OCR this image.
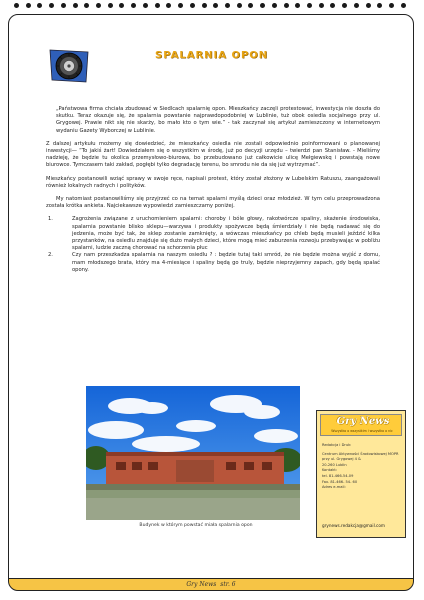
SPALARNIA OPON

„Państwowa firma chciała zbudować w Siedlcach spalarnię opon. Mieszkańcy zaczęli protestować, inwestycja nie doszła do skutku. Teraz okazuje się, że spalarnia powstanie najprawdopodobniej w Lublinie, tuż obok osiedla socjalnego przy ul. Grygowej. Prawie nikt się nie skarży, bo mało kto o tym wie.” - tak zaczynał się artykuł zamieszczony w internetowym wydaniu Gazety Wyborczej w Lublinie.

Z dalszej artykułu możemy się dowiedzieć, że mieszkańcy osiedla nie zostali odpowiednio poinformowani o planowanej inwestycji— “To jakiś żart! Dowiedziałem się o wszystkim w środę, już po decyzji urzędu – twierdzi pan Stanisław. - Mieliśmy nadzieję, że będzie tu okolica przemysłowo-biurowa, bo przebudowano już całkowicie ulicę Mełgiewskq i powstają nowe biurowce. Tymczasem taki zakład, pogłębi tylko degradację terenu, bo smrodu nie da się już wytrzymać”.

Mieszkańcy postanowili wziąć sprawy w swoje ręce, napisali protest, który został złożony w Lubelskim Ratuszu, zaangażowali również lokalnych radnych i polityków.

My natomiast postanowiliśmy się przyjrzeć co na temat spalarni myślą dzieci oraz młodzież. W tym celu przeprowadzona została krótka ankieta. Najciekawsze wypowiedzi zamieszczamy poniżej.

1.	Zagrożenia związane z uruchomieniem spalarni: choroby i bóle głowy, rakotwórcze spaliny, skażenie środowiska, spalarnia powstanie blisko sklepu—warzywa i produkty spożywcze będą śmierdziały i nie będą nadawać się do jedzenia, może być tak, że sklep zostanie zamknięty, a wówczas mieszkańcy po chleb będą musieli jeździć kilka przystanków, na osiedlu znajduje się dużo małych dzieci, które mogą mieć zaburzenia rozwoju przebywając w pobliżu spalarni, ludzie zaczną chorować na schorzenia płuc
2.	Czy nam przeszkadza spalarnia na naszym osiedlu ? : będzie tutaj taki smród, że nie będzie można wyjść z domu, mam młodszego brata, który ma 4-miesiące i spaliny będą go truly, będzie nieprzyjemny zapach, gdy będą spalać opony.
Budynek w którym powstać miała spalarnia opon
Gry News
Wszystko o wszystkim i wszystko o nic
Redakcja i Druk:
Centrum Aktywności Środowiskowej MOPR przy ul. Grygowej 4 &
20-260 Lublin
Kontakt:
tel. 81-466-54-09
Fax. 81-466- 54- 60
Adres e-mail:
grynews.redakcja@gmail.com
Gry News str. 6
